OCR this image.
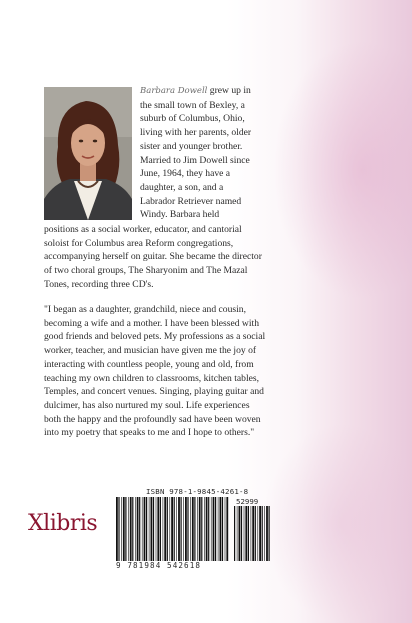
Barbara Dowell grew up in the small town of Bexley, a suburb of Columbus, Ohio, living with her parents, older sister and younger brother. Married to Jim Dowell since June, 1964, they have a daughter, a son, and a Labrador Retriever named Windy. Barbara held

positions as a social worker, educator, and cantorial soloist for Columbus area Reform congregations, accompanying herself on guitar. She became the director of two choral groups, The Sharyonim and The Mazal Tones, recording three CD's.

"I began as a daughter, grandchild, niece and cousin, becoming a wife and a mother. I have been blessed with good friends and beloved pets. My professions as a social worker, teacher, and musician have given me the joy of interacting with countless people, young and old, from teaching my own children to classrooms, kitchen tables, Temples, and concert venues. Singing, playing guitar and dulcimer, has also nurtured my soul. Life experiences both the happy and the profoundly sad have been woven into my poetry that speaks to me and I hope to others."

Xlibris
ISBN 978-1-9845-4261-8
52999
9 781984 542618
